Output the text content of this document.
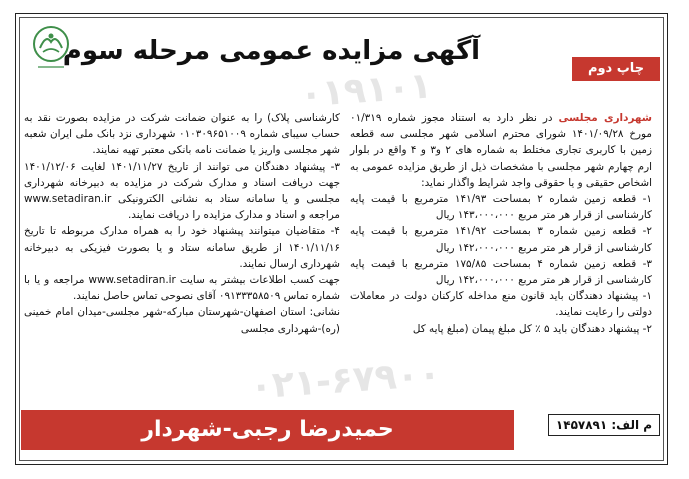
۰۱۹۱۰۱
۰۲۱-۶۷۹۰۰
آگهی مزایده عمومی مرحله سوم
چاپ دوم

شهرداری مجلسی در نظر دارد به استناد مجوز شماره ۰۱/۳۱۹ مورخ ۱۴۰۱/۰۹/۲۸ شورای محترم اسلامی شهر مجلسی سه قطعه زمین با کاربری تجاری مختلط به شماره های ۲ و۳ و ۴ واقع در بلوار ارم چهارم شهر مجلسی با مشخصات ذیل از طریق مزایده عمومی به اشخاص حقیقی و یا حقوقی واجد شرایط واگذار نماید:

۱- قطعه زمین شماره ۲ بمساحت ۱۴۱/۹۳ مترمربع با قیمت پایه کارشناسی از قرار هر متر مربع ۱۴۳،۰۰۰،۰۰۰ ریال

۲- قطعه زمین شماره ۳ بمساحت ۱۴۱/۹۲ مترمربع با قیمت پایه کارشناسی از قرار هر متر مربع ۱۴۲،۰۰۰،۰۰۰ ریال

۳- قطعه زمین شماره ۴ بمساحت ۱۷۵/۸۵ مترمربع با قیمت پایه کارشناسی از قرار هر متر مربع ۱۴۲،۰۰۰،۰۰۰ ریال

۱- پیشنهاد دهندگان باید قانون منع مداخله کارکنان دولت در معاملات دولتی را رعایت نمایند.

۲- پیشنهاد دهندگان باید ۵ ٪ کل مبلغ پیمان (مبلغ پایه کل

کارشناسی پلاک) را به عنوان ضمانت شرکت در مزایده بصورت نقد به حساب سیبای شماره ۰۱۰۳۰۹۶۵۱۰۰۹ شهرداری نزد بانک ملی ایران شعبه شهر مجلسی واریز یا ضمانت نامه بانکی معتبر تهیه نمایند.

۳- پیشنهاد دهندگان می توانند از تاریخ ۱۴۰۱/۱۱/۲۷ لغایت ۱۴۰۱/۱۲/۰۶ جهت دریافت اسناد و مدارک شرکت در مزایده به دبیرخانه شهرداری مجلسی و یا سامانه ستاد به نشانی الکترونیکی www.setadiran.ir مراجعه و اسناد و مدارک مزایده را دریافت نمایند.

۴- متقاضیان میتوانند پیشنهاد خود را به همراه مدارک مربوطه تا تاریخ ۱۴۰۱/۱۱/۱۶ از طریق سامانه ستاد و یا بصورت فیزیکی به دبیرخانه شهرداری ارسال نمایند.

جهت کسب اطلاعات بیشتر به سایت www.setadiran.ir مراجعه و یا با شماره تماس ۰۹۱۳۳۳۵۸۵۰۹ آقای نصوحی تماس حاصل نمایند.

نشانی: استان اصفهان-شهرستان مبارکه-شهر مجلسی-میدان امام خمینی (ره)-شهرداری مجلسی

م الف: ۱۴۵۷۸۹۱
حمیدرضا رجبی-شهردار
